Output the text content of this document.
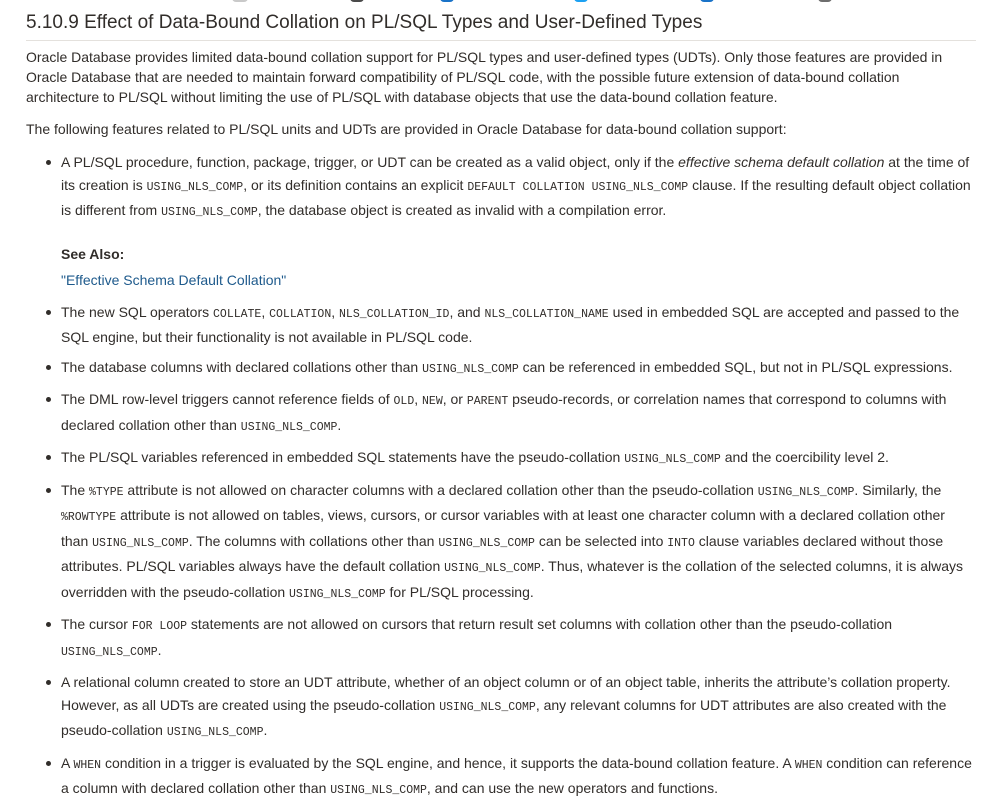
5.10.9 Effect of Data-Bound Collation on PL/SQL Types and User-Defined Types

Oracle Database provides limited data-bound collation support for PL/SQL types and user-defined types (UDTs). Only those features are provided in Oracle Database that are needed to maintain forward compatibility of PL/SQL code, with the possible future extension of data-bound collation architecture to PL/SQL without limiting the use of PL/SQL with database objects that use the data-bound collation feature.

The following features related to PL/SQL units and UDTs are provided in Oracle Database for data-bound collation support:

A PL/SQL procedure, function, package, trigger, or UDT can be created as a valid object, only if the effective schema default collation at the time of its creation is USING_NLS_COMP, or its definition contains an explicit DEFAULT COLLATION USING_NLS_COMP clause. If the resulting default object collation is different from USING_NLS_COMP, the database object is created as invalid with a compilation error.
See Also:
"Effective Schema Default Collation"
The new SQL operators COLLATE, COLLATION, NLS_COLLATION_ID, and NLS_COLLATION_NAME used in embedded SQL are accepted and passed to the SQL engine, but their functionality is not available in PL/SQL code.
The database columns with declared collations other than USING_NLS_COMP can be referenced in embedded SQL, but not in PL/SQL expressions.
The DML row-level triggers cannot reference fields of OLD, NEW, or PARENT pseudo-records, or correlation names that correspond to columns with declared collation other than USING_NLS_COMP.
The PL/SQL variables referenced in embedded SQL statements have the pseudo-collation USING_NLS_COMP and the coercibility level 2.
The %TYPE attribute is not allowed on character columns with a declared collation other than the pseudo-collation USING_NLS_COMP. Similarly, the %ROWTYPE attribute is not allowed on tables, views, cursors, or cursor variables with at least one character column with a declared collation other than USING_NLS_COMP. The columns with collations other than USING_NLS_COMP can be selected into INTO clause variables declared without those attributes. PL/SQL variables always have the default collation USING_NLS_COMP. Thus, whatever is the collation of the selected columns, it is always overridden with the pseudo-collation USING_NLS_COMP for PL/SQL processing.
The cursor FOR LOOP statements are not allowed on cursors that return result set columns with collation other than the pseudo-collation USING_NLS_COMP.
A relational column created to store an UDT attribute, whether of an object column or of an object table, inherits the attribute’s collation property. However, as all UDTs are created using the pseudo-collation USING_NLS_COMP, any relevant columns for UDT attributes are also created with the pseudo-collation USING_NLS_COMP.
A WHEN condition in a trigger is evaluated by the SQL engine, and hence, it supports the data-bound collation feature. A WHEN condition can reference a column with declared collation other than USING_NLS_COMP, and can use the new operators and functions.
